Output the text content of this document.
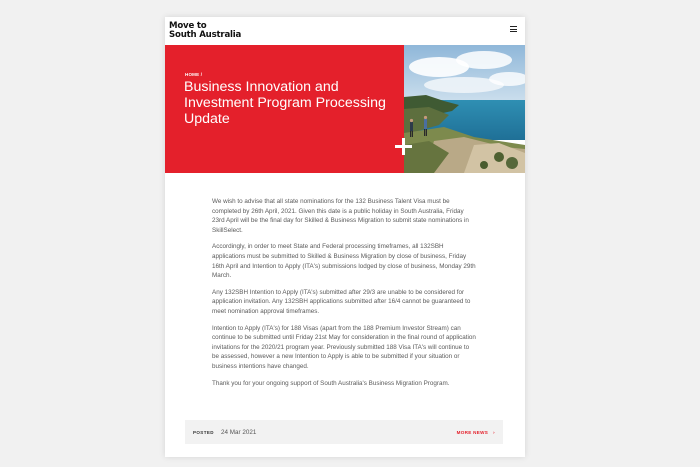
Move to
South Australia
HOME /
Business Innovation and Investment Program Processing Update

We wish to advise that all state nominations for the 132 Business Talent Visa must be completed by 26th April, 2021. Given this date is a public holiday in South Australia, Friday 23rd April will be the final day for Skilled & Business Migration to submit state nominations in SkillSelect.

Accordingly, in order to meet State and Federal processing timeframes, all 132SBH applications must be submitted to Skilled & Business Migration by close of business, Friday 16th April and Intention to Apply (ITA's) submissions lodged by close of business, Monday 29th March.

Any 132SBH Intention to Apply (ITA's) submitted after 29/3 are unable to be considered for application invitation. Any 132SBH applications submitted after 16/4 cannot be guaranteed to meet nomination approval timeframes.

Intention to Apply (ITA's) for 188 Visas (apart from the 188 Premium Investor Stream) can continue to be submitted until Friday 21st May for consideration in the final round of application invitations for the 2020/21 program year. Previously submitted 188 Visa ITA's will continue to be assessed, however a new Intention to Apply is able to be submitted if your situation or business intentions have changed.

Thank you for your ongoing support of South Australia's Business Migration Program.

POSTED 24 Mar 2021	MORE NEWS ›
